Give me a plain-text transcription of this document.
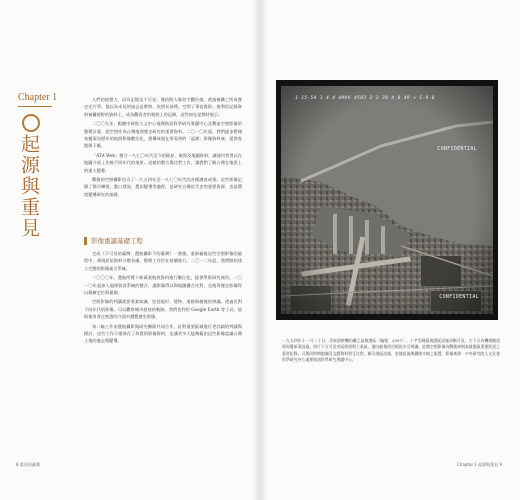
Chapter 1
起源與重見

人們的視覺力，因為記憶及不可見，僅依附人像登手觀告境，透過被攝之所成歷史光片學。他以為未見的過去是實時，依照長前傳，空間了事直推影。復利於記錄資料被攝視野的資料上，成為觀看者的視野上的記錄，這些如見是實時展示。

二〇〇九年，跟隨中研院人文中心地理資訊科學研究專題中心及戰前空照影像的整理計畫，把空照作為台灣地理歷史研究的重要資料。二〇一〇年起，我們逐步將國家檔案局歷年的航照影像數位化，建構成現在所看到的「起源」影像資料庫，提供查閱與下載。

「ATA Web」整合一九七〇年代至今的衛星、航照及地圖資料，讓使用者得以在地圖介面上比較不同年代的地景。這樣的整合與比對工作，讓我們了解台灣在地景上的重大變遷。

戰後的空照攝影包含了一九五四年至一九七〇年代的各種調查成果。這些影像記錄了都市擴張、港口建設、農田變遷等過程，是研究台灣近代史的重要資源，也是環境變遷研究的基礎。

影像重讀基礎工程

完成《不可見的臺灣：農航攝影下的臺灣》一書後，重新檢視這些空照影像的過程中，發現原始資料分散各處，整理工作仍在持續進行。二〇一二年起，我們開始建立完整的影像索引系統。

二〇〇〇年，農航所將十餘萬張航照資料進行數位化，提供學術研究使用。二〇一〇年起加入地理資訊系統的整合，讓影像得以與地圖疊合比對，也使得歷史影像得以精確定位與量測。

空照影像的判讀需要專業知識，包括地形、建物、道路與植被的辨識。透過比對不同年代的影像，可以觀察城市發展的軌跡。我們也利用 Google Earth 等工具，協助使用者在熟悉的介面中瀏覽歷史影像。

第二輪工作由農航攝影與研究團隊共同合作，針對重要區域進行更詳細的判讀與標註。這些工作不僅保存了珍貴的影像資料，也讓更多人能夠藉由這些影像認識台灣土地的過去與變遷。

8 重見的臺灣	Chapter 1 起源與重見 9
1-15-54 3 4 4 HMA9 4583 2 2 30 4 0 49 + S-9 8
CONFIDENTIAL
CONFIDENTIAL
一九五四年十一月二十日，美軍偵察機拍攝之高雄港區（編號：2997），十字型碼頭與港區設施清晰可見，左下方為機場跑道與周邊軍事設施。照片下方可見市區街道與工業區，港內船隻停泊情況亦可辨識。此類空照影像為戰後初期高雄港區重建狀況之重要紀錄，可與同時期地圖及文獻資料相互比對，顯示港區設施、倉儲設施與鐵路支線之配置。影像來源：中央研究院人文社會科學研究中心地理資訊科學研究專題中心。
